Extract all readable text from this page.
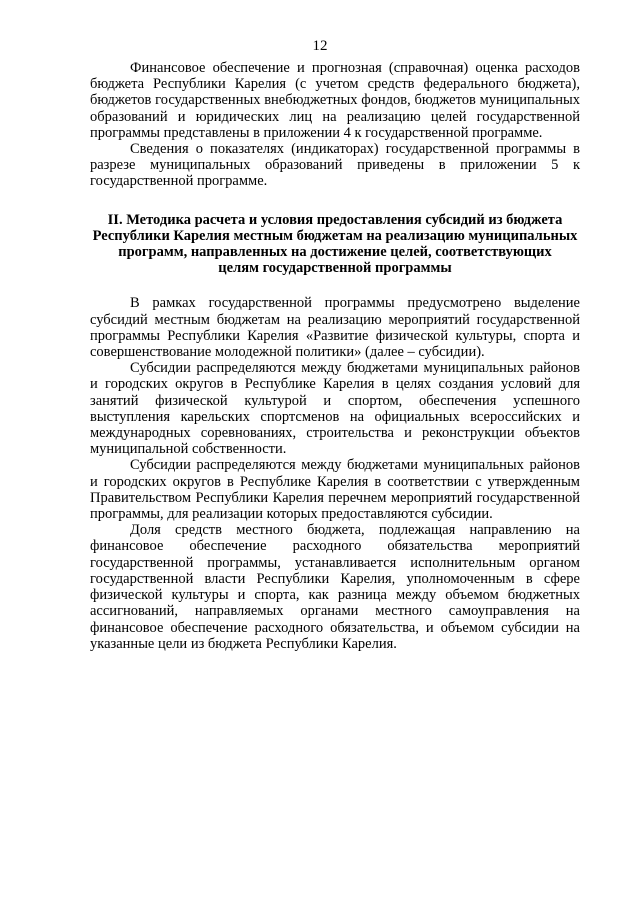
12

Финансовое обеспечение и прогнозная (справочная) оценка расходов бюджета Республики Карелия (с учетом средств федерального бюджета), бюджетов государственных внебюджетных фондов, бюджетов муниципальных образований и юридических лиц на реализацию целей государственной программы представлены в приложении 4 к государственной программе.

Сведения о показателях (индикаторах) государственной программы в разрезе муниципальных образований приведены в приложении 5 к государственной программе.

II. Методика расчета и условия предоставления субсидий из бюджета
Республики Карелия местным бюджетам на реализацию муниципальных
программ, направленных на достижение целей, соответствующих
целям государственной программы

В рамках государственной программы предусмотрено выделение субсидий местным бюджетам на реализацию мероприятий государственной программы Республики Карелия «Развитие физической культуры, спорта и совершенствование молодежной политики» (далее – субсидии).

Субсидии распределяются между бюджетами муниципальных районов и городских округов в Республике Карелия в целях создания условий для занятий физической культурой и спортом, обеспечения успешного выступления карельских спортсменов на официальных всероссийских и международных соревнованиях, строительства и реконструкции объектов муниципальной собственности.

Субсидии распределяются между бюджетами муниципальных районов и городских округов в Республике Карелия в соответствии с утвержденным Правительством Республики Карелия перечнем мероприятий государственной программы, для реализации которых предоставляются субсидии.

Доля средств местного бюджета, подлежащая направлению на финансовое обеспечение расходного обязательства мероприятий государственной программы, устанавливается исполнительным органом государственной власти Республики Карелия, уполномоченным в сфере физической культуры и спорта, как разница между объемом бюджетных ассигнований, направляемых органами местного самоуправления на финансовое обеспечение расходного обязательства, и объемом субсидии на указанные цели из бюджета Республики Карелия.
